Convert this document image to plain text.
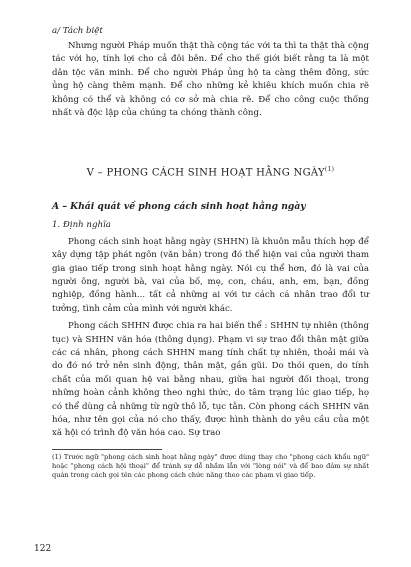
a/ Tách biệt

Nhưng người Pháp muốn thật thà cộng tác với ta thì ta thật thà cộng tác với họ, tính lợi cho cả đôi bên. Để cho thế giới biết rằng ta là một dân tộc văn minh. Để cho người Pháp ủng hộ ta càng thêm đông, sức ủng hộ càng thêm mạnh. Để cho những kẻ khiêu khích muốn chia rẽ không có thể và không có cơ sở mà chia rẽ. Để cho công cuộc thống nhất và độc lập của chúng ta chóng thành công.

V – PHONG CÁCH SINH HOẠT HẰNG NGÀY$^{(1)}$

A – Khái quát về phong cách sinh hoạt hằng ngày

1. Định nghĩa

Phong cách sinh hoạt hằng ngày (SHHN) là khuôn mẫu thích hợp để xây dựng tập phát ngôn (văn bản) trong đó thể hiện vai của người tham gia giao tiếp trong sinh hoạt hằng ngày. Nói cụ thể hơn, đó là vai của người ông, người bà, vai của bố, mẹ, con, cháu, anh, em, bạn, đồng nghiệp, đồng hành... tất cả những ai với tư cách cá nhân trao đổi tư tưởng, tình cảm của mình với người khác.

Phong cách SHHN được chia ra hai biến thể : SHHN tự nhiên (thông tục) và SHHN văn hóa (thông dụng). Phạm vi sự trao đổi thân mật giữa các cá nhân, phong cách SHHN mang tính chất tự nhiên, thoải mái và do đó nó trở nên sinh động, thân mật, gần gũi. Do thói quen, do tính chất của mối quan hệ vai bằng nhau, giữa hai người đối thoại, trong những hoàn cảnh không theo nghi thức, do tâm trạng lúc giao tiếp, họ có thể dùng cả những từ ngữ thô lỗ, tục tằn. Còn phong cách SHHN văn hóa, như tên gọi của nó cho thấy, được hình thành do yêu cầu của một xã hội có trình độ văn hóa cao. Sự trao

(1) Trước ngữ "phong cách sinh hoạt hằng ngày" được dùng thay cho "phong cách khẩu ngữ" hoặc "phong cách hội thoại" để tránh sự dễ nhầm lẫn với "lòng nói" và để bao đảm sự nhất quán trong cách gọi tên các phong cách chức năng theo các phạm vi giao tiếp.

122
